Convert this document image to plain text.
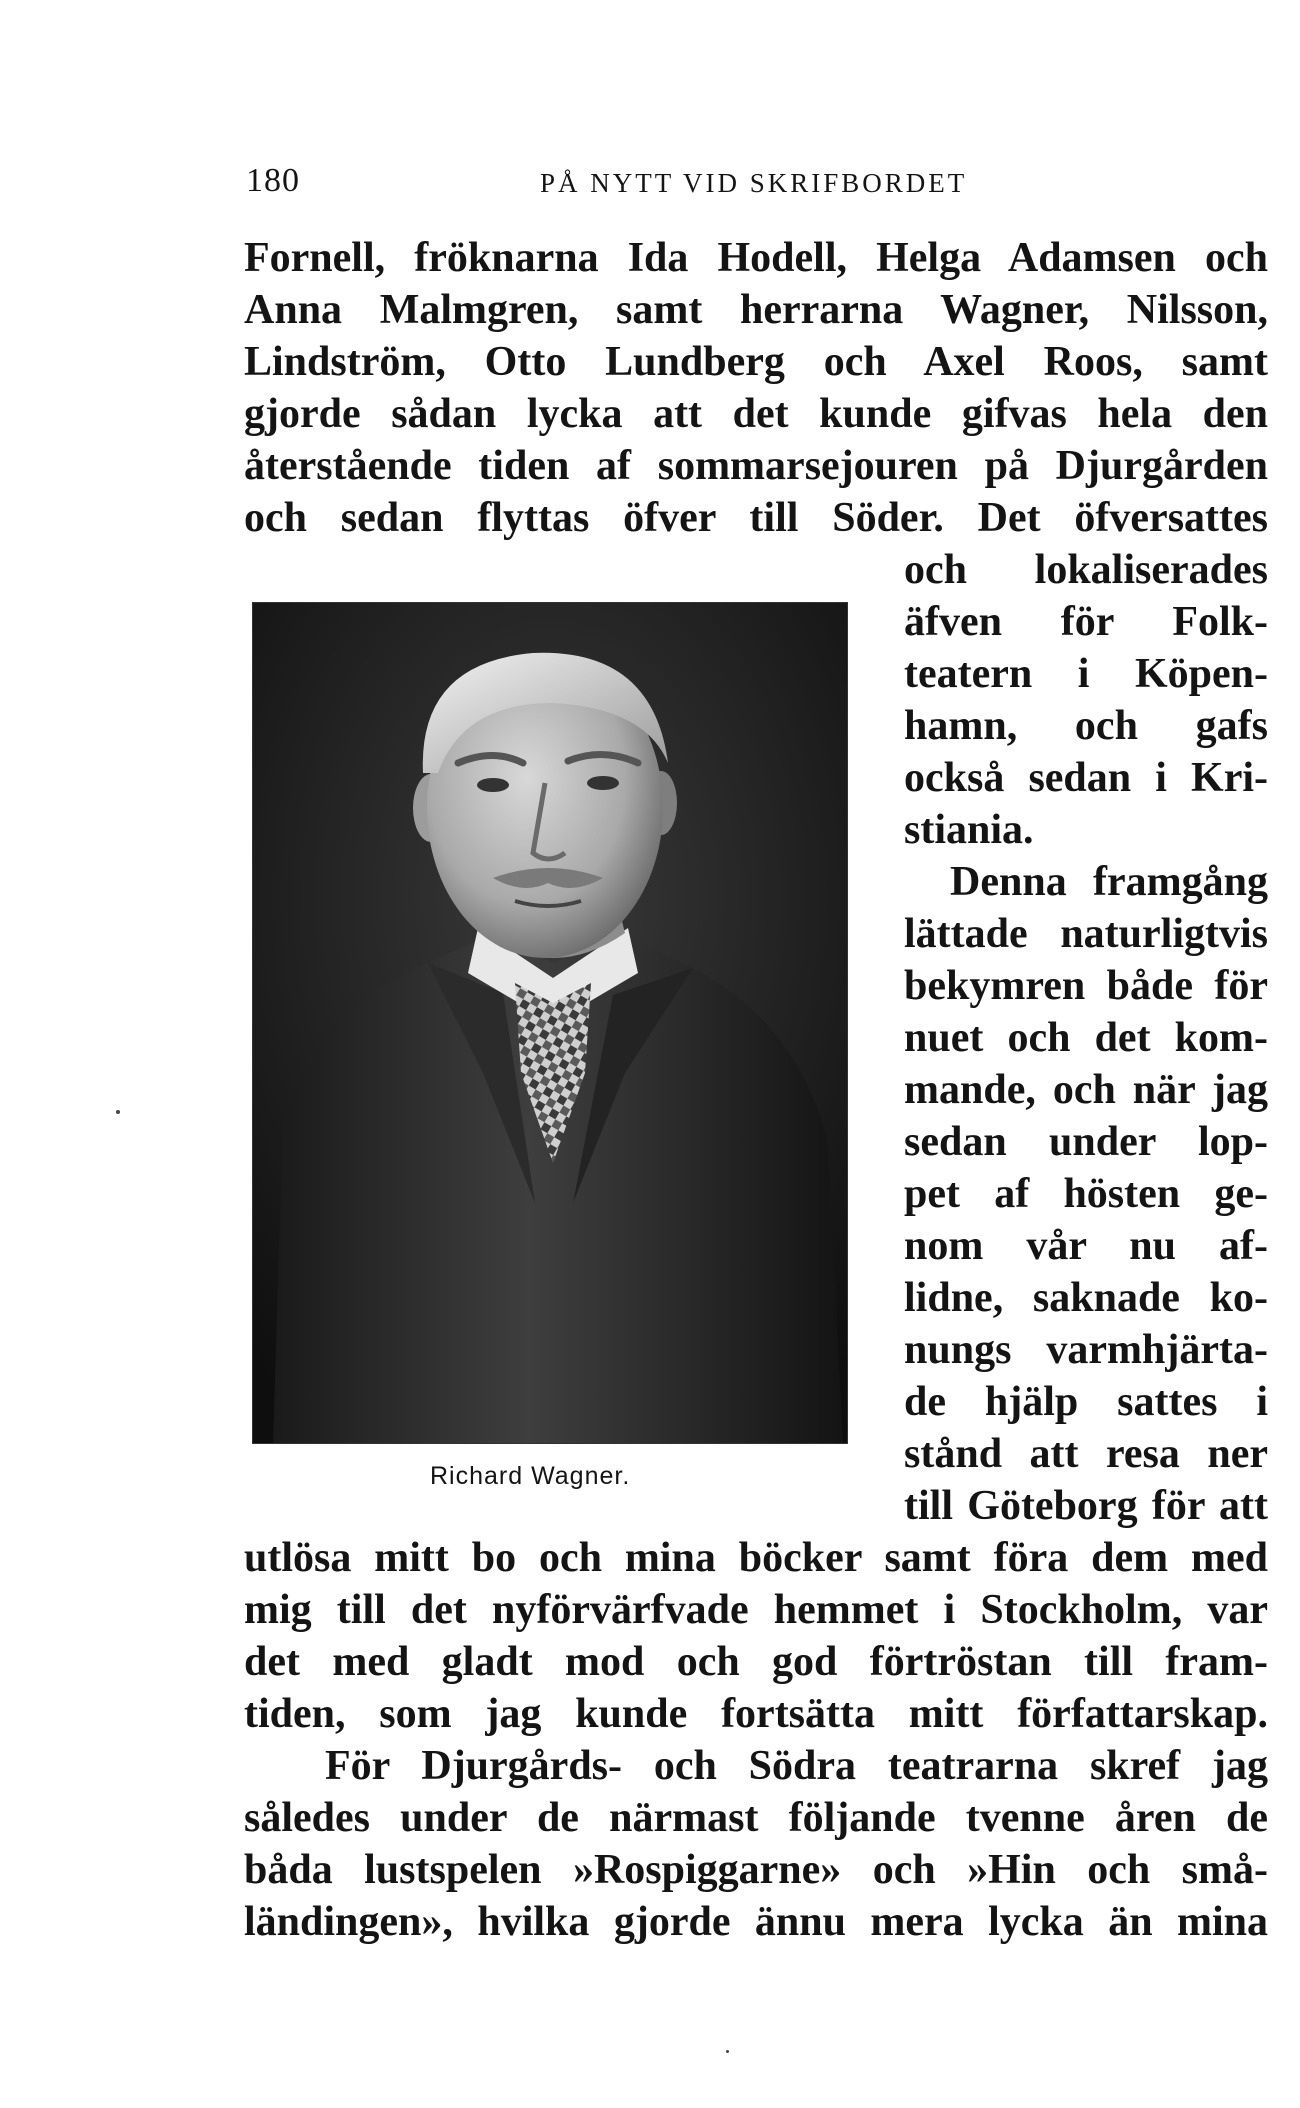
180	PÅ NYTT VID SKRIFBORDET

Fornell, fröknarna Ida Hodell, Helga Adamsen och

Anna Malmgren, samt herrarna Wagner, Nilsson,

Lindström, Otto Lundberg och Axel Roos, samt

gjorde sådan lycka att det kunde gifvas hela den

återstående tiden af sommarsejouren på Djurgården

och sedan flyttas öfver till Söder. Det öfversattes

och lokaliserades

äfven för Folk-

teatern i Köpen-

hamn, och gafs

också sedan i Kri-

stiania.

Denna framgång

lättade naturligtvis

bekymren både för

nuet och det kom-

mande, och när jag

sedan under lop-

pet af hösten ge-

nom vår nu af-

lidne, saknade ko-

nungs varmhjärta-

de hjälp sattes i

stånd att resa ner

till Göteborg för att

utlösa mitt bo och mina böcker samt föra dem med

mig till det nyförvärfvade hemmet i Stockholm, var

det med gladt mod och god förtröstan till fram-

tiden, som jag kunde fortsätta mitt författarskap.

För Djurgårds- och Södra teatrarna skref jag

således under de närmast följande tvenne åren de

båda lustspelen »Rospiggarne» och »Hin och små-

ländingen», hvilka gjorde ännu mera lycka än mina

Richard Wagner.
